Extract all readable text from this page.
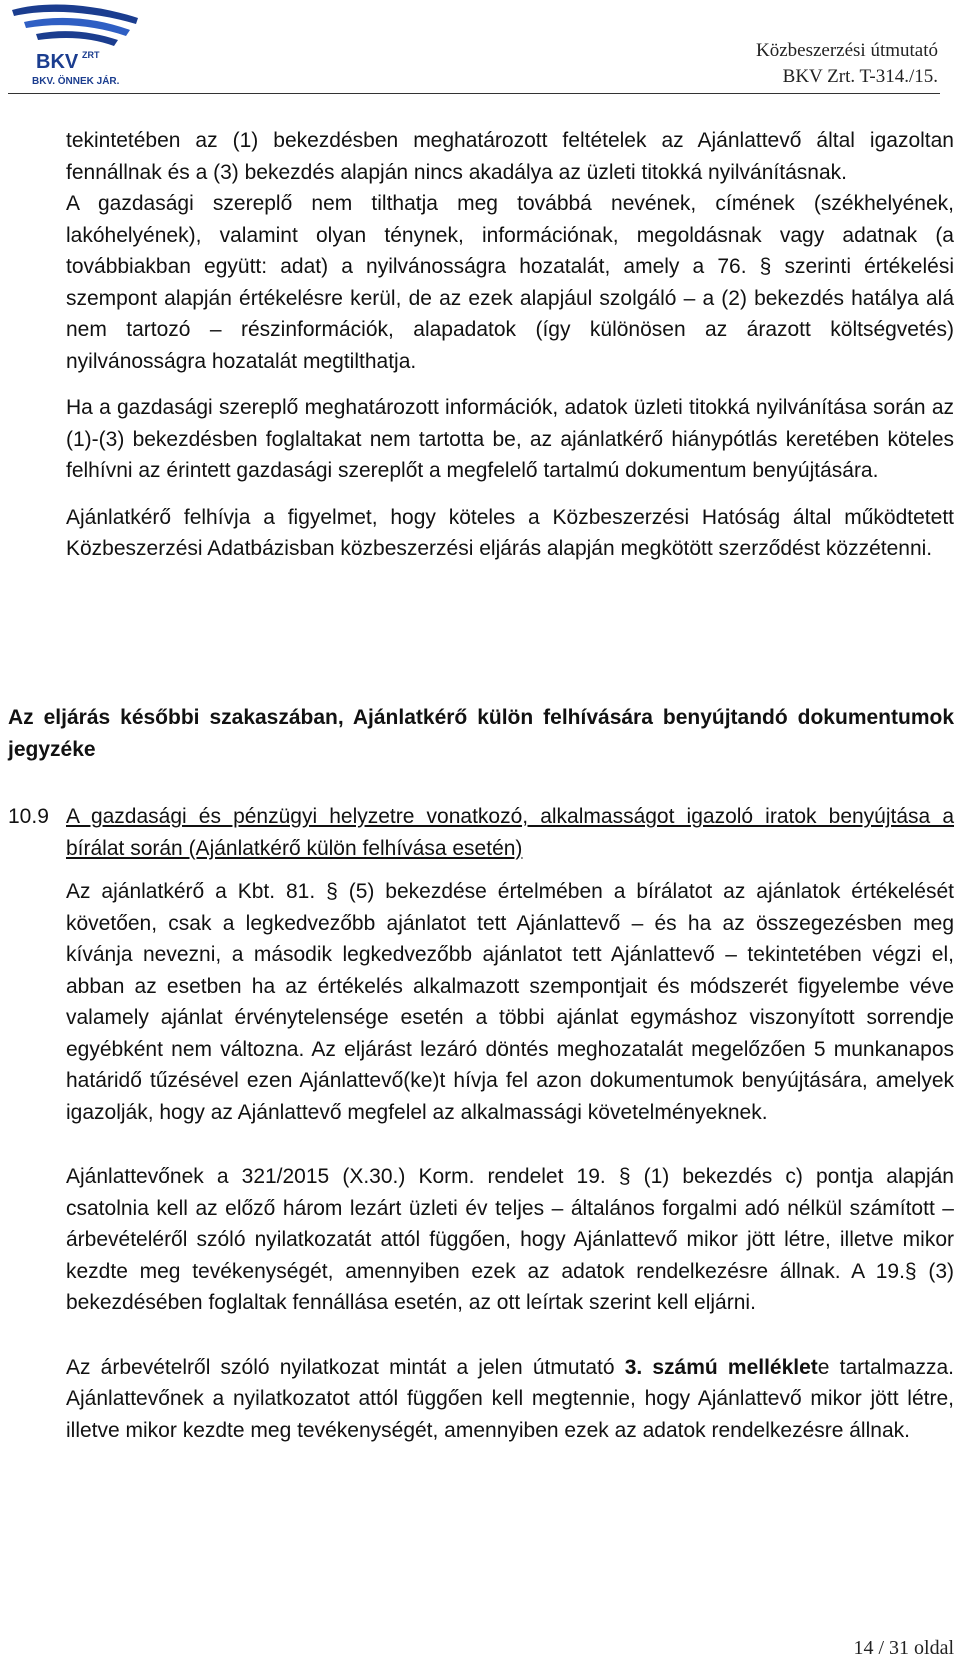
BKV ZRT
BKV. ÖNNEK JÁR.
Közbeszerzési útmutató
BKV Zrt. T-314./15.

tekintetében az (1) bekezdésben meghatározott feltételek az Ajánlattevő által igazoltan fennállnak és a (3) bekezdés alapján nincs akadálya az üzleti titokká nyilvánításnak.

A gazdasági szereplő nem tilthatja meg továbbá nevének, címének (székhelyének, lakóhelyének), valamint olyan ténynek, információnak, megoldásnak vagy adatnak (a továbbiakban együtt: adat) a nyilvánosságra hozatalát, amely a 76. § szerinti értékelési szempont alapján értékelésre kerül, de az ezek alapjául szolgáló – a (2) bekezdés hatálya alá nem tartozó – részinformációk, alapadatok (így különösen az árazott költségvetés) nyilvánosságra hozatalát megtilthatja.

Ha a gazdasági szereplő meghatározott információk, adatok üzleti titokká nyilvánítása során az (1)-(3) bekezdésben foglaltakat nem tartotta be, az ajánlatkérő hiánypótlás keretében köteles felhívni az érintett gazdasági szereplőt a megfelelő tartalmú dokumentum benyújtására.

Ajánlatkérő felhívja a figyelmet, hogy köteles a Közbeszerzési Hatóság által működtetett Közbeszerzési Adatbázisban közbeszerzési eljárás alapján megkötött szerződést közzétenni.

Az eljárás későbbi szakaszában, Ajánlatkérő külön felhívására benyújtandó dokumentumok jegyzéke
10.9 A gazdasági és pénzügyi helyzetre vonatkozó, alkalmasságot igazoló iratok benyújtása a bírálat során (Ajánlatkérő külön felhívása esetén)

Az ajánlatkérő a Kbt. 81. § (5) bekezdése értelmében a bírálatot az ajánlatok értékelését követően, csak a legkedvezőbb ajánlatot tett Ajánlattevő – és ha az összegezésben meg kívánja nevezni, a második legkedvezőbb ajánlatot tett Ajánlattevő – tekintetében végzi el, abban az esetben ha az értékelés alkalmazott szempontjait és módszerét figyelembe véve valamely ajánlat érvénytelensége esetén a többi ajánlat egymáshoz viszonyított sorrendje egyébként nem változna. Az eljárást lezáró döntés meghozatalát megelőzően 5 munkanapos határidő tűzésével ezen Ajánlattevő(ke)t hívja fel azon dokumentumok benyújtására, amelyek igazolják, hogy az Ajánlattevő megfelel az alkalmassági követelményeknek.

Ajánlattevőnek a 321/2015 (X.30.) Korm. rendelet 19. § (1) bekezdés c) pontja alapján csatolnia kell az előző három lezárt üzleti év teljes – általános forgalmi adó nélkül számított – árbevételéről szóló nyilatkozatát attól függően, hogy Ajánlattevő mikor jött létre, illetve mikor kezdte meg tevékenységét, amennyiben ezek az adatok rendelkezésre állnak. A 19.§ (3) bekezdésében foglaltak fennállása esetén, az ott leírtak szerint kell eljárni.

Az árbevételről szóló nyilatkozat mintát a jelen útmutató 3. számú melléklete tartalmazza. Ajánlattevőnek a nyilatkozatot attól függően kell megtennie, hogy Ajánlattevő mikor jött létre, illetve mikor kezdte meg tevékenységét, amennyiben ezek az adatok rendelkezésre állnak.

14 / 31 oldal
